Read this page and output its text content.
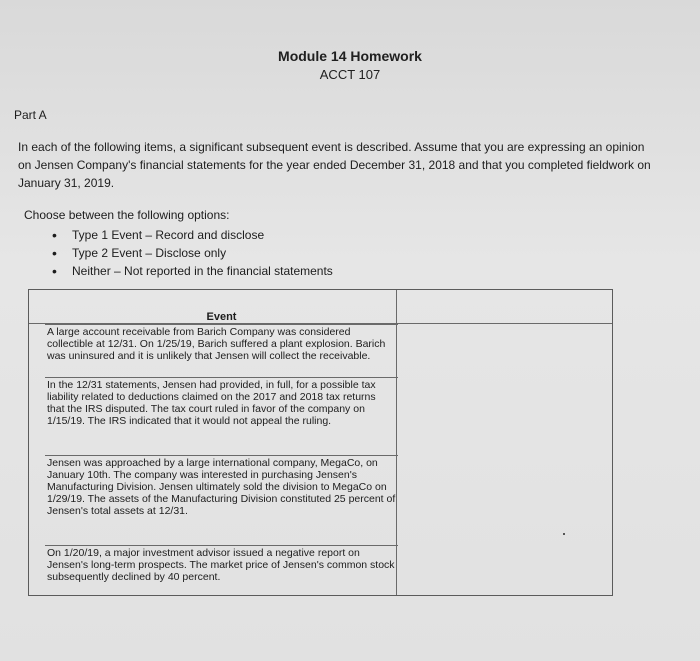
Module 14 Homework
ACCT 107
Part A
In each of the following items, a significant subsequent event is described. Assume that you are expressing an opinion on Jensen Company's financial statements for the year ended December 31, 2018 and that you completed fieldwork on January 31, 2019.
Choose between the following options:
• Type 1 Event – Record and disclose
• Type 2 Event – Disclose only
• Neither – Not reported in the financial statements
Event
A large account receivable from Barich Company was considered collectible at 12/31. On 1/25/19, Barich suffered a plant explosion. Barich was uninsured and it is unlikely that Jensen will collect the receivable.
In the 12/31 statements, Jensen had provided, in full, for a possible tax liability related to deductions claimed on the 2017 and 2018 tax returns that the IRS disputed. The tax court ruled in favor of the company on 1/15/19. The IRS indicated that it would not appeal the ruling.
Jensen was approached by a large international company, MegaCo, on January 10th. The company was interested in purchasing Jensen's Manufacturing Division. Jensen ultimately sold the division to MegaCo on 1/29/19. The assets of the Manufacturing Division constituted 25 percent of Jensen's total assets at 12/31.
On 1/20/19, a major investment advisor issued a negative report on Jensen's long-term prospects. The market price of Jensen's common stock subsequently declined by 40 percent.
